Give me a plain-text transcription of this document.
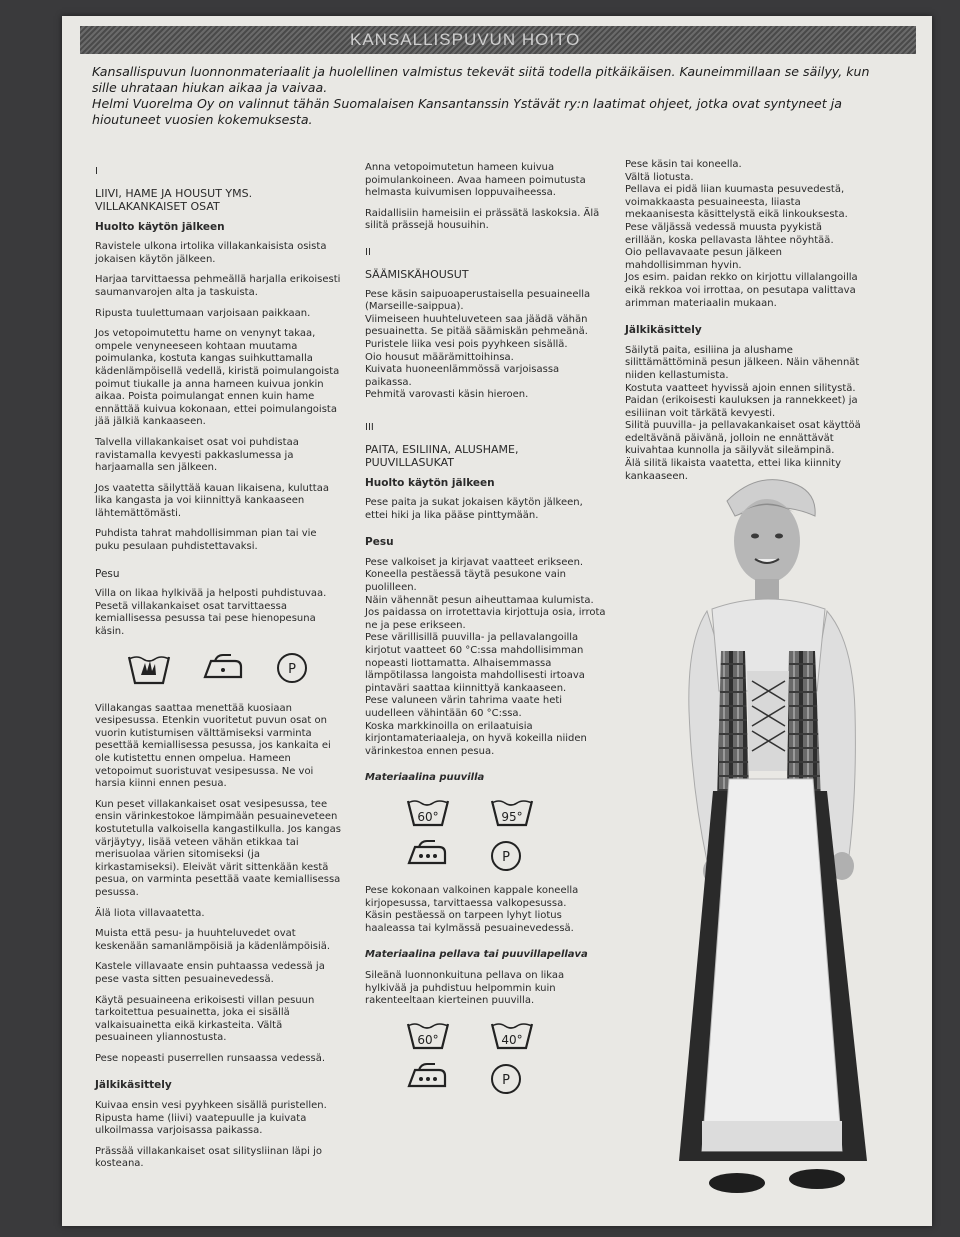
KANSALLISPUVUN HOITO

Kansallispuvun luonnonmateriaalit ja huolellinen valmistus tekevät siitä todella pitkäikäisen. Kauneimmillaan se säilyy, kun sille uhrataan hiukan aikaa ja vaivaa.

Helmi Vuorelma Oy on valinnut tähän Suomalaisen Kansantanssin Ystävät ry:n laatimat ohjeet, jotka ovat syntyneet ja hioutuneet vuosien kokemuksesta.

I

LIIVI, HAME JA HOUSUT YMS. VILLAKANKAISET OSAT

Huolto käytön jälkeen

Ravistele ulkona irtolika villakankaisista osista jokaisen käytön jälkeen.

Harjaa tarvittaessa pehmeällä harjalla erikoisesti saumanvarojen alta ja taskuista.

Ripusta tuulettumaan varjoisaan paikkaan.

Jos vetopoimutettu hame on venynyt takaa, ompele venyneeseen kohtaan muutama poimulanka, kostuta kangas suihkuttamalla kädenlämpöisellä vedellä, kiristä poimulangoista poimut tiukalle ja anna hameen kuivua jonkin aikaa. Poista poimulangat ennen kuin hame ennättää kuivua kokonaan, ettei poimulangoista jää jälkiä kankaaseen.

Talvella villakankaiset osat voi puhdistaa ravistamalla kevyesti pakkaslumessa ja harjaamalla sen jälkeen.

Jos vaatetta säilyttää kauan likaisena, kuluttaa lika kangasta ja voi kiinnittyä kankaaseen lähtemättömästi.

Puhdista tahrat mahdollisimman pian tai vie puku pesulaan puhdistettavaksi.

Pesu

Villa on likaa hylkivää ja helposti puhdistuvaa. Pesetä villakankaiset osat tarvittaessa kemiallisessa pesussa tai pese hienopesuna käsin.

P

Villakangas saattaa menettää kuosiaan vesipesussa. Etenkin vuoritetut puvun osat on vuorin kutistumisen välttämiseksi varminta pesettää kemiallisessa pesussa, jos kankaita ei ole kutistettu ennen ompelua. Hameen vetopoimut suoristuvat vesipesussa. Ne voi harsia kiinni ennen pesua.

Kun peset villakankaiset osat vesipesussa, tee ensin värinkestokoe lämpimään pesuaineveteen kostutetulla valkoisella kangastilkulla. Jos kangas värjäytyy, lisää veteen vähän etikkaa tai merisuolaa värien sitomiseksi (ja kirkastamiseksi). Eleivät värit sittenkään kestä pesua, on varminta pesettää vaate kemiallisessa pesussa.

Älä liota villavaatetta.

Muista että pesu- ja huuhteluvedet ovat keskenään samanlämpöisiä ja kädenlämpöisiä.

Kastele villavaate ensin puhtaassa vedessä ja pese vasta sitten pesuainevedessä.

Käytä pesuaineena erikoisesti villan pesuun tarkoitettua pesuainetta, joka ei sisällä valkaisuainetta eikä kirkasteita. Vältä pesuaineen yliannostusta.

Pese nopeasti puserrellen runsaassa vedessä.

Jälkikäsittely

Kuivaa ensin vesi pyyhkeen sisällä puristellen. Ripusta hame (liivi) vaatepuulle ja kuivata ulkoilmassa varjoisassa paikassa.

Prässää villakankaiset osat silitysliinan läpi jo kosteana.

Anna vetopoimutetun hameen kuivua poimulankoineen. Avaa hameen poimutusta helmasta kuivumisen loppuvaiheessa.

Raidallisiin hameisiin ei prässätä laskoksia. Älä silitä prässejä housuihin.

II

SÄÄMISKÄHOUSUT

Pese käsin saipuoaperustaisella pesuaineella (Marseille-saippua).

Viimeiseen huuhteluveteen saa jäädä vähän pesuainetta. Se pitää säämiskän pehmeänä.

Puristele liika vesi pois pyyhkeen sisällä.

Oio housut määrämittoihinsa.

Kuivata huoneenlämmössä varjoisassa paikassa.

Pehmitä varovasti käsin hieroen.

III

PAITA, ESILIINA, ALUSHAME, PUUVILLASUKAT

Huolto käytön jälkeen

Pese paita ja sukat jokaisen käytön jälkeen, ettei hiki ja lika pääse pinttymään.

Pesu

Pese valkoiset ja kirjavat vaatteet erikseen.

Koneella pestäessä täytä pesukone vain puolilleen.

Näin vähennät pesun aiheuttamaa kulumista.

Jos paidassa on irrotettavia kirjottuja osia, irrota ne ja pese erikseen.

Pese värillisillä puuvilla- ja pellavalangoilla kirjotut vaatteet 60 °C:ssa mahdollisimman nopeasti liottamatta. Alhaisemmassa lämpötilassa langoista mahdollisesti irtoava pintaväri saattaa kiinnittyä kankaaseen.

Pese valuneen värin tahrima vaate heti uudelleen vähintään 60 °C:ssa.

Koska markkinoilla on erilaatuisia kirjontamateriaaleja, on hyvä kokeilla niiden värinkestoa ennen pesua.

Materiaalina puuvilla

60°	95°
P

Pese kokonaan valkoinen kappale koneella kirjopesussa, tarvittaessa valkopesussa.

Käsin pestäessä on tarpeen lyhyt liotus haaleassa tai kylmässä pesuainevedessä.

Materiaalina pellava tai puuvillapellava

Sileänä luonnonkuituna pellava on likaa hylkivää ja puhdistuu helpommin kuin rakenteeltaan kierteinen puuvilla.

60°	40°
P

Pese käsin tai koneella.

Vältä liotusta.

Pellava ei pidä liian kuumasta pesuvedestä, voimakkaasta pesuaineesta, liiasta mekaanisesta käsittelystä eikä linkouksesta.

Pese väljässä vedessä muusta pyykistä erillään, koska pellavasta lähtee nöyhtää.

Oio pellavavaate pesun jälkeen mahdollisimman hyvin.

Jos esim. paidan rekko on kirjottu villalangoilla eikä rekkoa voi irrottaa, on pesutapa valittava arimman materiaalin mukaan.

Jälkikäsittely

Säilytä paita, esiliina ja alushame silittämättöminä pesun jälkeen. Näin vähennät niiden kellastumista.

Kostuta vaatteet hyvissä ajoin ennen silitystä.

Paidan (erikoisesti kauluksen ja rannekkeet) ja esiliinan voit tärkätä kevyesti.

Silitä puuvilla- ja pellavakankaiset osat käyttöä edeltävänä päivänä, jolloin ne ennättävät kuivahtaa kunnolla ja säilyvät sileämpinä.

Älä silitä likaista vaatetta, ettei lika kiinnity kankaaseen.
